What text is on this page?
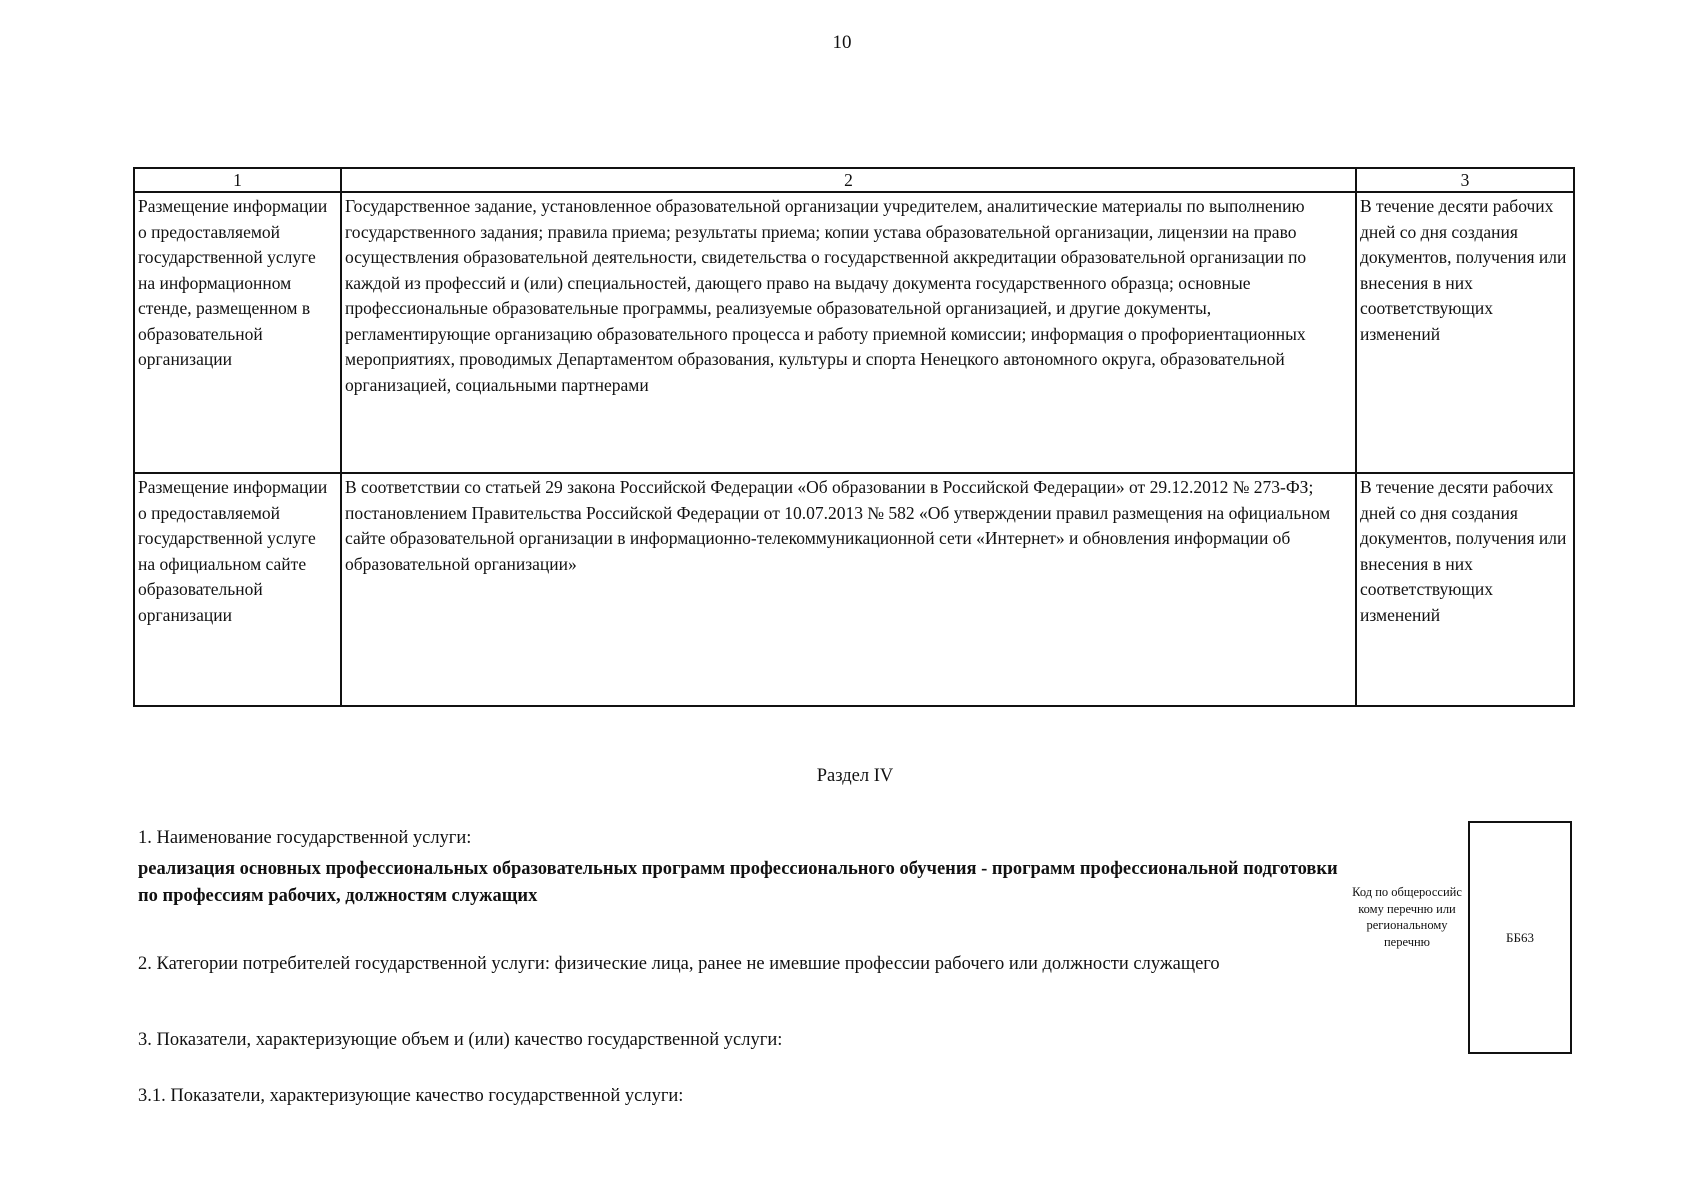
10
1	2	3
Размещение информации о предоставляемой государственной услуге на информационном стенде, размещенном в образовательной организации	Государственное задание, установленное образовательной организации учредителем, аналитические материалы по выполнению государственного задания; правила приема; результаты приема; копии устава образовательной организации, лицензии на право осуществления образовательной деятельности, свидетельства о государственной аккредитации образовательной организации по каждой из профессий и (или) специальностей, дающего право на выдачу документа государственного образца; основные профессиональные образовательные программы, реализуемые образовательной организацией, и другие документы, регламентирующие организацию образовательного процесса и работу приемной комиссии; информация о профориентационных мероприятиях, проводимых Департаментом образования, культуры и спорта Ненецкого автономного округа, образовательной организацией, социальными партнерами	В течение десяти рабочих дней со дня создания документов, получения или внесения в них соответствующих изменений
Размещение информации о предоставляемой государственной услуге на официальном сайте образовательной организации	В соответствии со статьей 29 закона Российской Федерации «Об образовании в Российской Федерации» от 29.12.2012 № 273-ФЗ; постановлением Правительства Российской Федерации от 10.07.2013 № 582 «Об утверждении правил размещения на официальном сайте образовательной организации в информационно-телекоммуникационной сети «Интернет» и обновления информации об образовательной организации»	В течение десяти рабочих дней со дня создания документов, получения или внесения в них соответствующих изменений
Раздел IV
1. Наименование государственной услуги:
реализация основных профессиональных образовательных программ профессионального обучения - программ профессиональной подготовки по профессиям рабочих, должностям служащих
2. Категории потребителей государственной услуги: физические лица, ранее не имевшие профессии рабочего или должности служащего
3. Показатели, характеризующие объем и (или) качество государственной услуги:
3.1. Показатели, характеризующие качество государственной услуги:
Код по общероссийс кому перечню или региональному перечню	ББ63
